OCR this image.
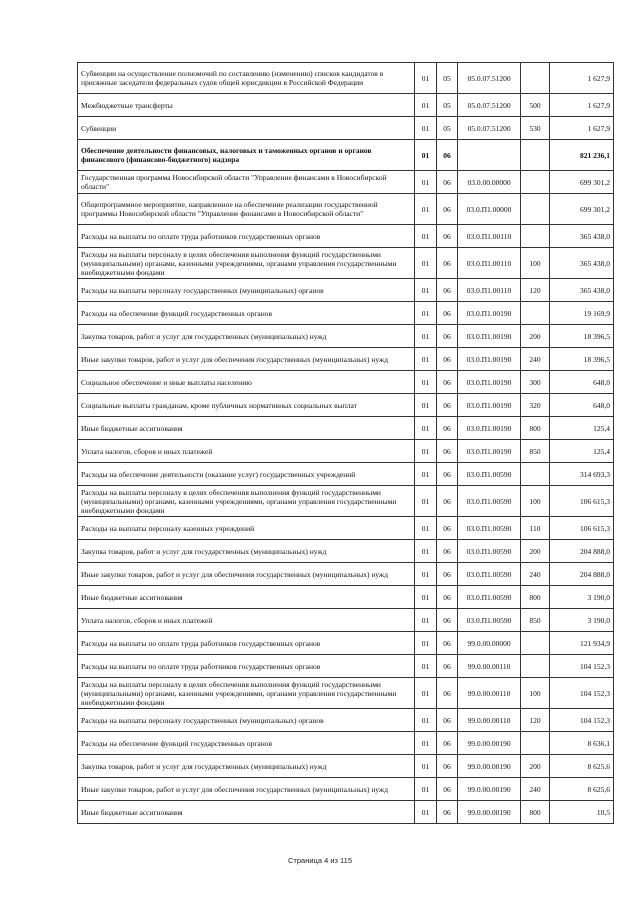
Субвенции на осуществление полномочий по составлению (изменению) списков кандидатов в присяжные заседатели федеральных судов общей юрисдикции в Российской Федерации	01	05	05.0.07.51200		1 627,9
Межбюджетные трансферты	01	05	05.0.07.51200	500	1 627,9
Субвенции	01	05	05.0.07.51200	530	1 627,9
Обеспечение деятельности финансовых, налоговых и таможенных органов и органов финансового (финансово-бюджетного) надзора	01	06			821 236,1
Государственная программа Новосибирской области "Управление финансами в Новосибирской области"	01	06	03.0.00.00000		699 301,2
Общепрограммное мероприятие, направленное на обеспечение реализации государственной программы Новосибирской области "Управление финансами в Новосибирской области"	01	06	03.0.П1.00000		699 301,2
Расходы на выплаты по оплате труда работников государственных органов	01	06	03.0.П1.00110		365 438,0
Расходы на выплаты персоналу в целях обеспечения выполнения функций государственными (муниципальными) органами, казенными учреждениями, органами управления государственными внебюджетными фондами	01	06	03.0.П1.00110	100	365 438,0
Расходы на выплаты персоналу государственных (муниципальных) органов	01	06	03.0.П1.00110	120	365 438,0
Расходы на обеспечение функций государственных органов	01	06	03.0.П1.00190		19 169,9
Закупка товаров, работ и услуг для государственных (муниципальных) нужд	01	06	03.0.П1.00190	200	18 396,5
Иные закупки товаров, работ и услуг для обеспечения государственных (муниципальных) нужд	01	06	03.0.П1.00190	240	18 396,5
Социальное обеспечение и иные выплаты населению	01	06	03.0.П1.00190	300	648,0
Социальные выплаты гражданам, кроме публичных нормативных социальных выплат	01	06	03.0.П1.00190	320	648,0
Иные бюджетные ассигнования	01	06	03.0.П1.00190	800	125,4
Уплата налогов, сборов и иных платежей	01	06	03.0.П1.00190	850	125,4
Расходы на обеспечение деятельности (оказание услуг) государственных учреждений	01	06	03.0.П1.00590		314 693,3
Расходы на выплаты персоналу в целях обеспечения выполнения функций государственными (муниципальными) органами, казенными учреждениями, органами управления государственными внебюджетными фондами	01	06	03.0.П1.00590	100	106 615,3
Расходы на выплаты персоналу казенных учреждений	01	06	03.0.П1.00590	110	106 615,3
Закупка товаров, работ и услуг для государственных (муниципальных) нужд	01	06	03.0.П1.00590	200	204 888,0
Иные закупки товаров, работ и услуг для обеспечения государственных (муниципальных) нужд	01	06	03.0.П1.00590	240	204 888,0
Иные бюджетные ассигнования	01	06	03.0.П1.00590	800	3 190,0
Уплата налогов, сборов и иных платежей	01	06	03.0.П1.00590	850	3 190,0
Расходы на выплаты по оплате труда работников государственных органов	01	06	99.0.00.00000		121 934,9
Расходы на выплаты по оплате труда работников государственных органов	01	06	99.0.00.00110		104 152,3
Расходы на выплаты персоналу в целях обеспечения выполнения функций государственными (муниципальными) органами, казенными учреждениями, органами управления государственными внебюджетными фондами	01	06	99.0.00.00110	100	104 152,3
Расходы на выплаты персоналу государственных (муниципальных) органов	01	06	99.0.00.00110	120	104 152,3
Расходы на обеспечение функций государственных органов	01	06	99.0.00.00190		8 636,1
Закупка товаров, работ и услуг для государственных (муниципальных) нужд	01	06	99.0.00.00190	200	8 625,6
Иные закупки товаров, работ и услуг для обеспечения государственных (муниципальных) нужд	01	06	99.0.00.00190	240	8 625,6
Иные бюджетные ассигнования	01	06	99.0.00.00190	800	10,5
Страница 4 из 115
